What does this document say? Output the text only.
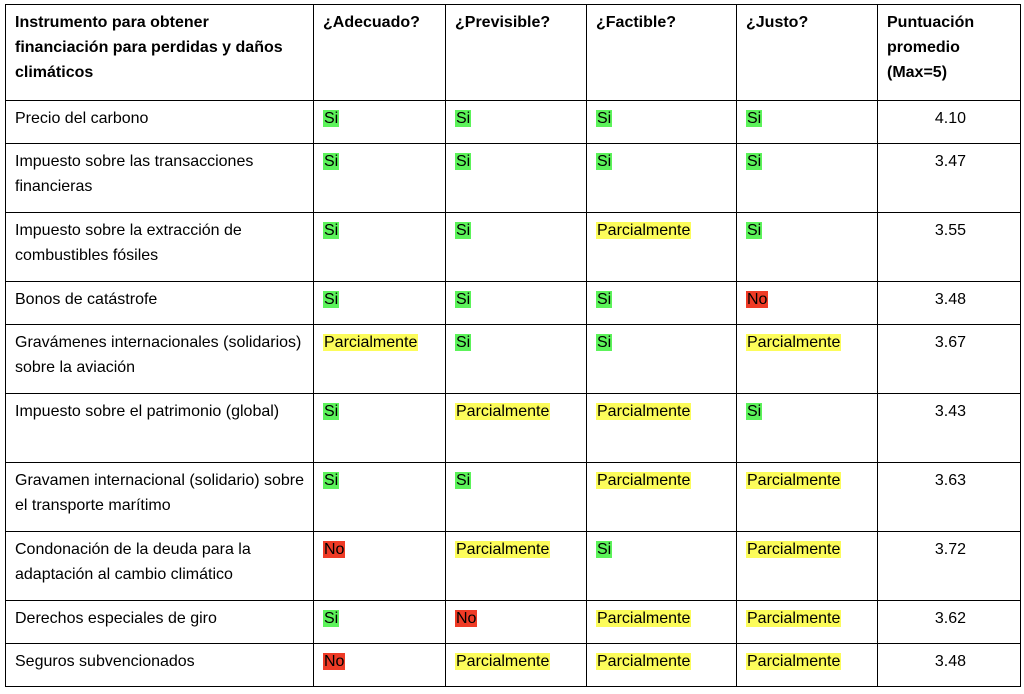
Instrumento para obtener financiación para perdidas y daños climáticos	¿Adecuado?	¿Previsible?	¿Factible?	¿Justo?	Puntuación promedio (Max=5)
Precio del carbono	Si	Si	Si	Si	4.10
Impuesto sobre las transacciones financieras	Si	Si	Si	Si	3.47
Impuesto sobre la extracción de combustibles fósiles	Si	Si	Parcialmente	Si	3.55
Bonos de catástrofe	Si	Si	Si	No	3.48
Gravámenes internacionales (solidarios) sobre la aviación	Parcialmente	Si	Si	Parcialmente	3.67
Impuesto sobre el patrimonio (global)	Si	Parcialmente	Parcialmente	Si	3.43
Gravamen internacional (solidario) sobre el transporte marítimo	Si	Si	Parcialmente	Parcialmente	3.63
Condonación de la deuda para la adaptación al cambio climático	No	Parcialmente	Si	Parcialmente	3.72
Derechos especiales de giro	Si	No	Parcialmente	Parcialmente	3.62
Seguros subvencionados	No	Parcialmente	Parcialmente	Parcialmente	3.48
